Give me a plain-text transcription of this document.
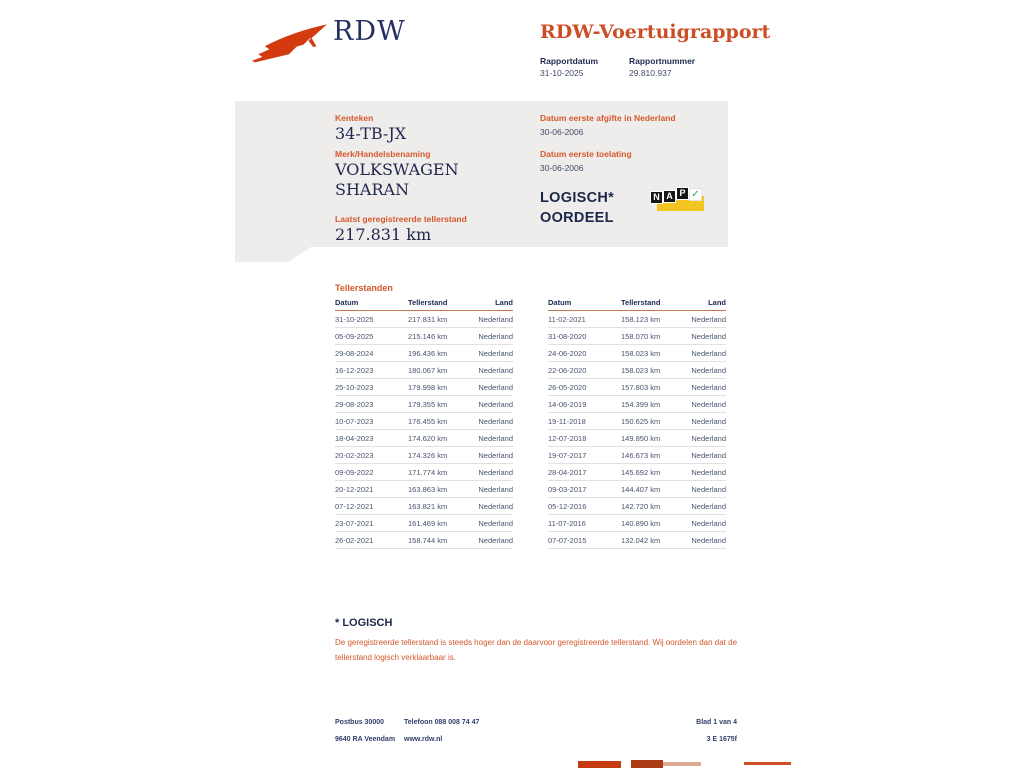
RDW	RDW-Voertuigrapport
Rapportdatum	Rapportnummer
31-10-2025	29.810.937
Kenteken
34-TB-JX
Merk/Handelsbenaming
VOLKSWAGEN
SHARAN
Laatst geregistreerde tellerstand
217.831 km
Datum eerste afgifte in Nederland
30-06-2006
Datum eerste toelating
30-06-2006
LOGISCH*
OORDEEL
N A P ✓
Tellerstanden
Datum	Tellerstand	Land
31-10-2025	217.831 km	Nederland
05-09-2025	215.146 km	Nederland
29-08-2024	196.436 km	Nederland
16-12-2023	180.067 km	Nederland
25-10-2023	179.998 km	Nederland
29-08-2023	179.355 km	Nederland
10-07-2023	176.455 km	Nederland
18-04-2023	174.620 km	Nederland
20-02-2023	174.326 km	Nederland
09-09-2022	171.774 km	Nederland
20-12-2021	163.863 km	Nederland
07-12-2021	163.821 km	Nederland
23-07-2021	161.469 km	Nederland
26-02-2021	158.744 km	Nederland
Datum	Tellerstand	Land
11-02-2021	158.123 km	Nederland
31-08-2020	158.070 km	Nederland
24-06-2020	158.023 km	Nederland
22-06-2020	158.023 km	Nederland
26-05-2020	157.803 km	Nederland
14-06-2019	154.399 km	Nederland
19-11-2018	150.625 km	Nederland
12-07-2018	149.850 km	Nederland
19-07-2017	146.673 km	Nederland
28-04-2017	145.692 km	Nederland
09-03-2017	144.407 km	Nederland
05-12-2016	142.720 km	Nederland
11-07-2016	140.890 km	Nederland
07-07-2015	132.042 km	Nederland
* LOGISCH
De geregistreerde tellerstand is steeds hoger dan de daarvoor geregistreerde tellerstand. Wij oordelen dan dat de tellerstand logisch verklaarbaar is.
Postbus 30000
9640 RA Veendam
Telefoon 088 008 74 47
www.rdw.nl
Blad 1 van 4
3 E 1675f
